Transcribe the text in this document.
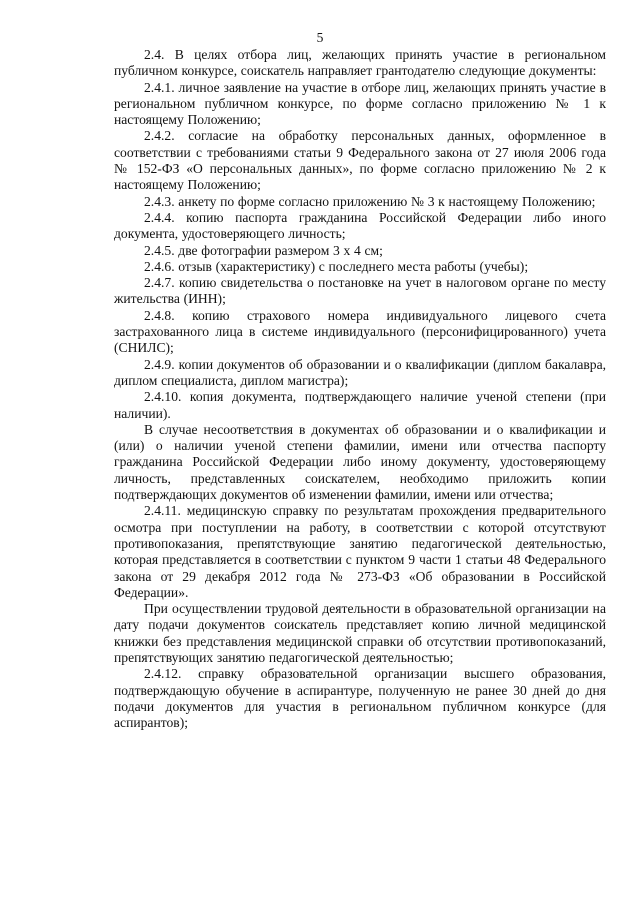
5

2.4. В целях отбора лиц, желающих принять участие в региональном публичном конкурсе, соискатель направляет грантодателю следующие документы:

2.4.1. личное заявление на участие в отборе лиц, желающих принять участие в региональном публичном конкурсе, по форме согласно приложению № 1 к настоящему Положению;

2.4.2. согласие на обработку персональных данных, оформленное в соответствии с требованиями статьи 9 Федерального закона от 27 июля 2006 года № 152-ФЗ «О персональных данных», по форме согласно приложению № 2 к настоящему Положению;

2.4.3. анкету по форме согласно приложению № 3 к настоящему Положению;

2.4.4. копию паспорта гражданина Российской Федерации либо иного документа, удостоверяющего личность;

2.4.5. две фотографии размером 3 х 4 см;

2.4.6. отзыв (характеристику) с последнего места работы (учебы);

2.4.7. копию свидетельства о постановке на учет в налоговом органе по месту жительства (ИНН);

2.4.8. копию страхового номера индивидуального лицевого счета застрахованного лица в системе индивидуального (персонифицированного) учета (СНИЛС);

2.4.9. копии документов об образовании и о квалификации (диплом бакалавра, диплом специалиста, диплом магистра);

2.4.10. копия документа, подтверждающего наличие ученой степени (при наличии).

В случае несоответствия в документах об образовании и о квалификации и (или) о наличии ученой степени фамилии, имени или отчества паспорту гражданина Российской Федерации либо иному документу, удостоверяющему личность, представленных соискателем, необходимо приложить копии подтверждающих документов об изменении фамилии, имени или отчества;

2.4.11. медицинскую справку по результатам прохождения предварительного осмотра при поступлении на работу, в соответствии с которой отсутствуют противопоказания, препятствующие занятию педагогической деятельностью, которая представляется в соответствии с пунктом 9 части 1 статьи 48 Федерального закона от 29 декабря 2012 года № 273-ФЗ «Об образовании в Российской Федерации».

При осуществлении трудовой деятельности в образовательной организации на дату подачи документов соискатель представляет копию личной медицинской книжки без представления медицинской справки об отсутствии противопоказаний, препятствующих занятию педагогической деятельностью;

2.4.12. справку образовательной организации высшего образования, подтверждающую обучение в аспирантуре, полученную не ранее 30 дней до дня подачи документов для участия в региональном публичном конкурсе (для аспирантов);
